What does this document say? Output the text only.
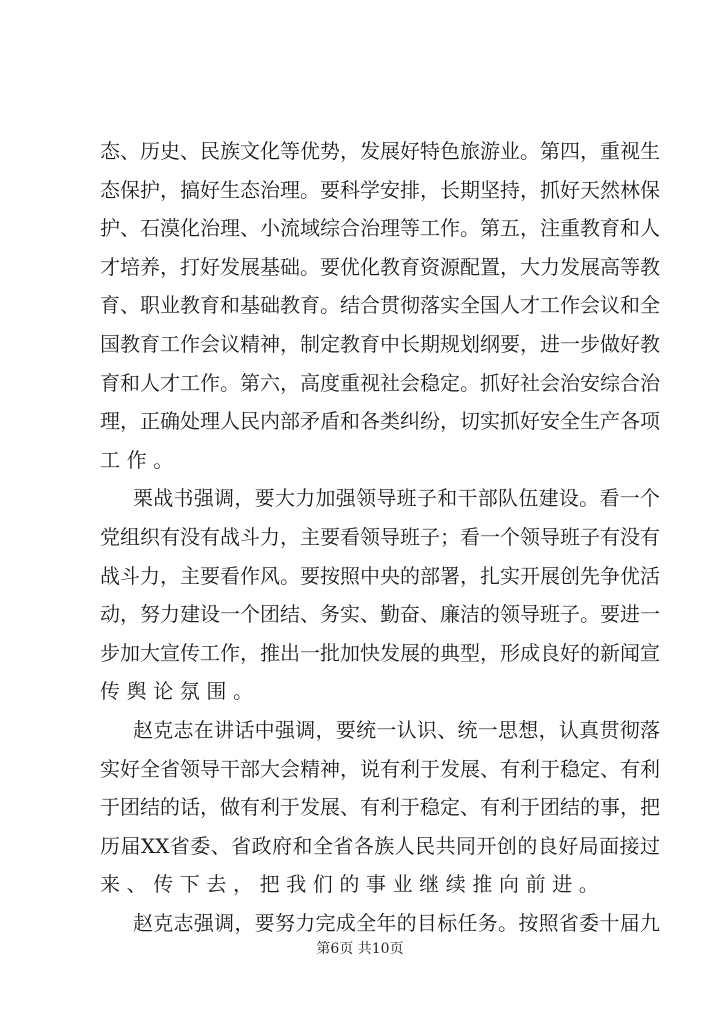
态、历史、民族文化等优势，发展好特色旅游业。第四，重视生
态保护，搞好生态治理。要科学安排，长期坚持，抓好天然林保
护、石漠化治理、小流域综合治理等工作。第五，注重教育和人
才培养，打好发展基础。要优化教育资源配置，大力发展高等教
育、职业教育和基础教育。结合贯彻落实全国人才工作会议和全
国教育工作会议精神，制定教育中长期规划纲要，进一步做好教
育和人才工作。第六，高度重视社会稳定。抓好社会治安综合治
理，正确处理人民内部矛盾和各类纠纷，切实抓好安全生产各项
工作。
栗战书强调，要大力加强领导班子和干部队伍建设。看一个
党组织有没有战斗力，主要看领导班子；看一个领导班子有没有
战斗力，主要看作风。要按照中央的部署，扎实开展创先争优活
动，努力建设一个团结、务实、勤奋、廉洁的领导班子。要进一
步加大宣传工作，推出一批加快发展的典型，形成良好的新闻宣
传舆论氛围。
赵克志在讲话中强调，要统一认识、统一思想，认真贯彻落
实好全省领导干部大会精神，说有利于发展、有利于稳定、有利
于团结的话，做有利于发展、有利于稳定、有利于团结的事，把
历届XX省委、省政府和全省各族人民共同开创的良好局面接过
来、传下去，把我们的事业继续推向前进。
赵克志强调，要努力完成全年的目标任务。按照省委十届九
第6页 共10页
